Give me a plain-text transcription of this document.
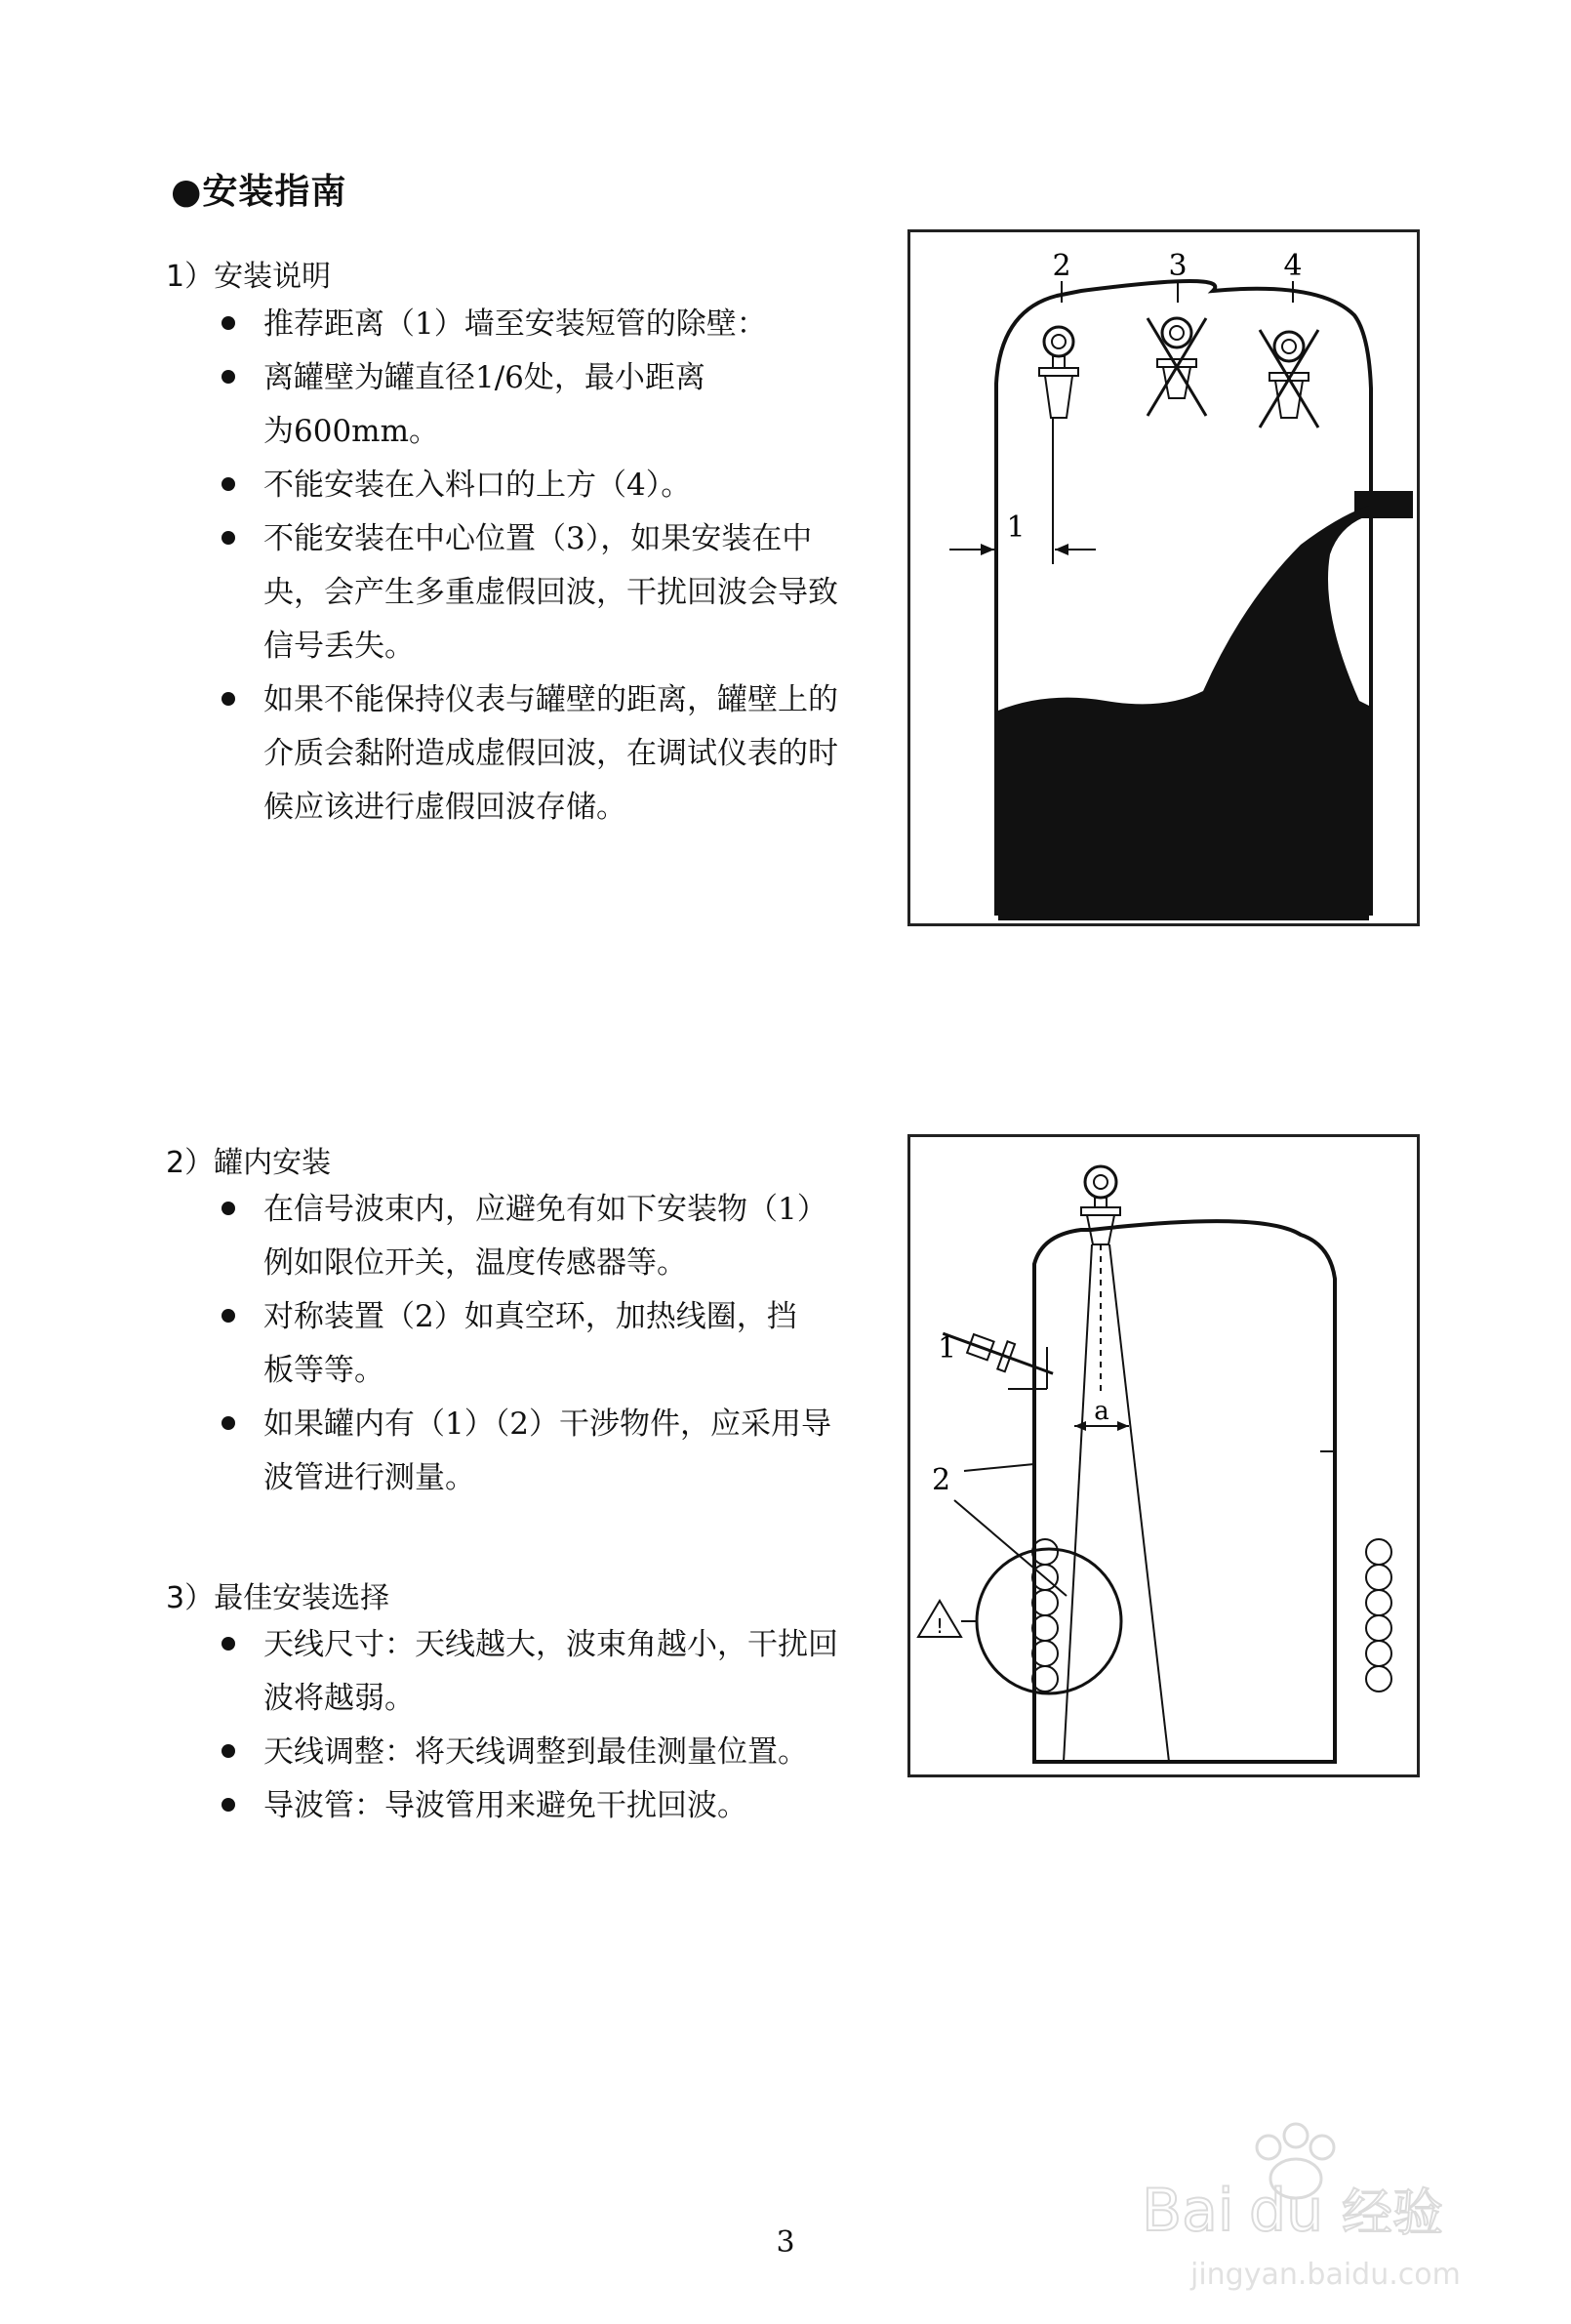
●安装指南
1）安装说明
推荐距离（1）墙至安装短管的除壁：
离罐壁为罐直径1/6处，最小距离为600mm。
不能安装在入料口的上方（4）。
不能安装在中心位置（3），如果安装在中央，会产生多重虚假回波，干扰回波会导致信号丢失。
如果不能保持仪表与罐壁的距离，罐壁上的介质会黏附造成虚假回波，在调试仪表的时候应该进行虚假回波存储。
2	3	4
1
2）罐内安装
在信号波束内，应避免有如下安装物（1）例如限位开关，温度传感器等。
对称装置（2）如真空环，加热线圈，挡板等等。
如果罐内有（1）（2）干涉物件，应采用导波管进行测量。
3）最佳安装选择
天线尺寸：天线越大，波束角越小，干扰回波将越弱。
天线调整：将天线调整到最佳测量位置。
导波管：导波管用来避免干扰回波。
1
2
a
!
3	Bai du 经验
jingyan.baidu.com
